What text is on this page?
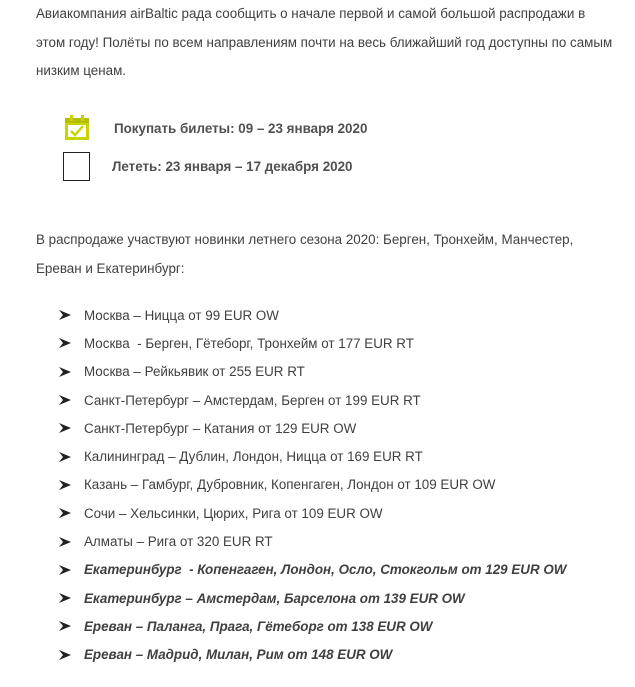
Авиакомпания airBaltic рада сообщить о начале первой и самой большой распродажи в этом году! Полёты по всем направлениям почти на весь ближайший год доступны по самым низким ценам.

Покупать билеты: 09 – 23 января 2020
Лететь: 23 января – 17 декабря 2020

В распродаже участвуют новинки летнего сезона 2020: Берген, Тронхейм, Манчестер, Ереван и Екатеринбург:

Москва – Ницца от 99 EUR OW
Москва  - Берген, Гётеборг, Тронхейм от 177 EUR RT
Москва – Рейкьявик от 255 EUR RT
Санкт-Петербург – Амстердам, Берген от 199 EUR RT
Санкт-Петербург – Катания от 129 EUR OW
Калининград – Дублин, Лондон, Ницца от 169 EUR RT
Казань – Гамбург, Дубровник, Копенгаген, Лондон от 109 EUR OW
Сочи – Хельсинки, Цюрих, Рига от 109 EUR OW
Алматы – Рига от 320 EUR RT
Екатеринбург  - Копенгаген, Лондон, Осло, Стокгольм от 129 EUR OW
Екатеринбург – Амстердам, Барселона от 139 EUR OW
Ереван – Паланга, Прага, Гётеборг от 138 EUR OW
Ереван – Мадрид, Милан, Рим от 148 EUR OW
